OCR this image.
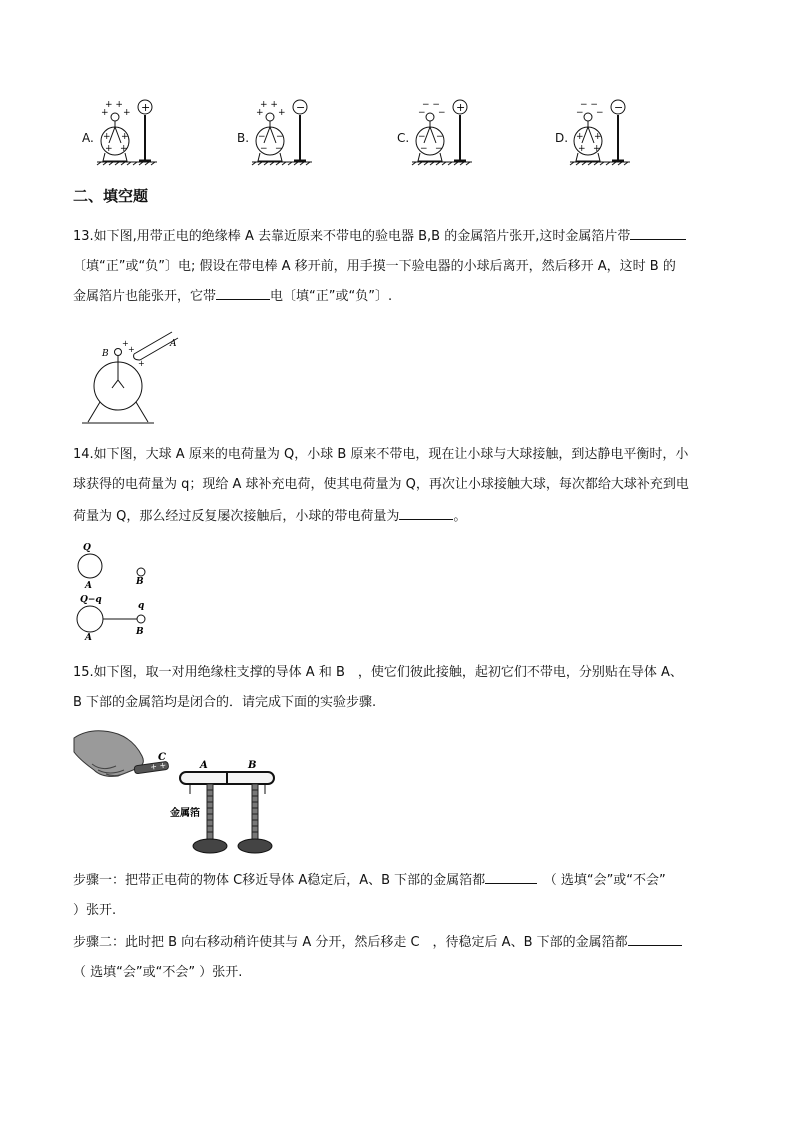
A.
+ +
+ +
+ +
+ +
+
B.
+ +
+ +
− −
− −
−
C.
− −
− −
− −
− −
+
D.
− −
− −
+ +
+ +
−
二、填空题
13.如下图,用带正电的绝缘棒 A 去靠近原来不带电的验电器 B,B 的金属箔片张开,这时金属箔片带
〔填“正”或“负”〕电; 假设在带电棒 A 移开前，用手摸一下验电器的小球后离开，然后移开 A，这时 B 的
金属箔片也能张开，它带	电〔填“正”或“负”〕.
A
+
+
+
B
14.如下图，大球 A 原来的电荷量为 Q，小球 B 原来不带电，现在让小球与大球接触，到达静电平衡时，小
球获得的电荷量为 q；现给 A 球补充电荷，使其电荷量为 Q，再次让小球接触大球，每次都给大球补充到电
荷量为 Q，那么经过反复屡次接触后，小球的带电荷量为	。
Q
A	B
Q−q
q
A
B
15.如下图，取一对用绝缘柱支撑的导体 A 和 B　，使它们彼此接触，起初它们不带电，分别贴在导体 A、
B 下部的金属箔均是闭合的．请完成下面的实验步骤.
+ +
C
A	B
金属箔
步骤一：把带正电荷的物体 C移近导体 A稳定后，A、B 下部的金属箔都　	（ 选填“会”或“不会”
）张开.
步骤二：此时把 B 向右移动稍许使其与 A 分开，然后移走 C　，待稳定后 A、B 下部的金属箔都
（ 选填“会”或“不会” ）张开.
